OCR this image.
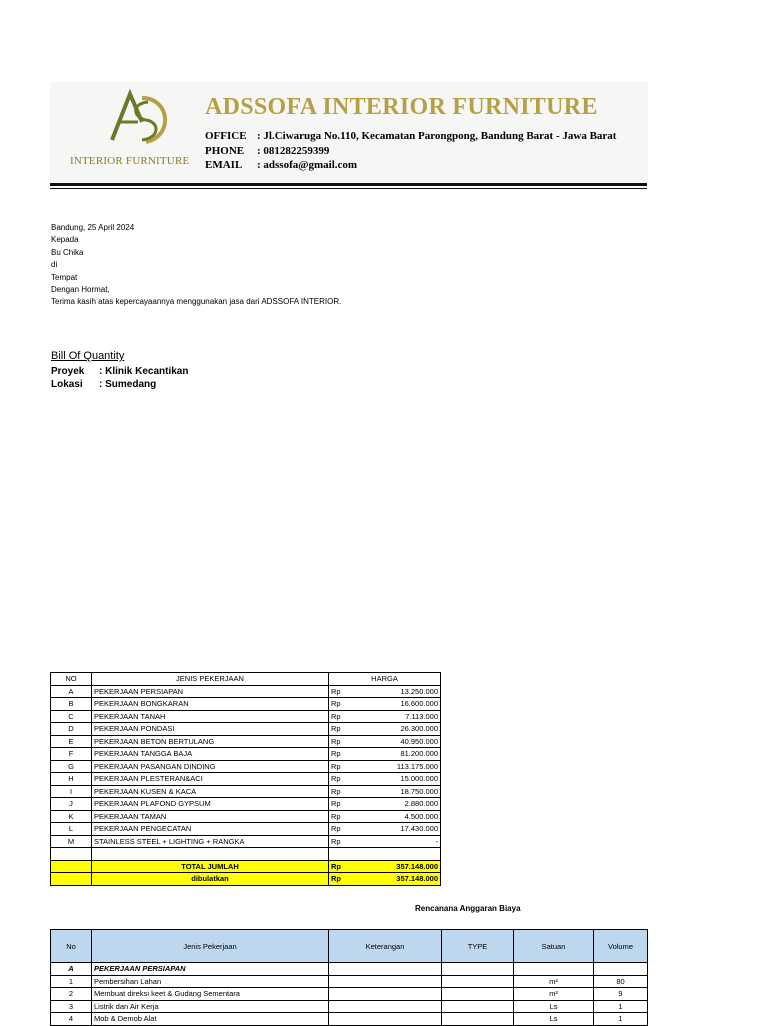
INTERIOR FURNITURE
ADSSOFA INTERIOR FURNITURE
OFFICE : Jl.Ciwaruga No.110, Kecamatan Parongpong, Bandung Barat - Jawa Barat
PHONE : 081282259399
EMAIL : adssofa@gmail.com
Bandung, 25 April 2024
Kepada
Bu Chika
di
Tempat
Dengan Hormat,
Terima kasih atas kepercayaannya menggunakan jasa dari ADSSOFA INTERIOR.
Bill Of Quantity
Proyek : Klinik Kecantikan
Lokasi : Sumedang
NO	JENIS PEKERJAAN	HARGA	
A	PEKERJAAN PERSIAPAN	Rp	13.250.000
B	PEKERJAAN BONGKARAN	Rp	16.600.000
C	PEKERJAAN TANAH	Rp	7.113.000
D	PEKERJAAN PONDASI	Rp	26.300.000
E	PEKERJAAN BETON BERTULANG	Rp	40.950.000
F	PEKERJAAN TANGGA BAJA	Rp	81.200.000
G	PEKERJAAN PASANGAN DINDING	Rp	113.175.000
H	PEKERJAAN PLESTERAN&ACI	Rp	15.000.000
I	PEKERJAAN KUSEN & KACA	Rp	18.750.000
J	PEKERJAAN PLAFOND GYPSUM	Rp	2.880.000
K	PEKERJAAN TAMAN	Rp	4.500.000
L	PEKERJAAN PENGECATAN	Rp	17.430.000
M	STAINLESS STEEL + LIGHTING + RANGKA	Rp	-

	TOTAL JUMLAH	Rp	357.148.000
	dibulatkan	Rp	357.148.000
Rencanana Anggaran Biaya
No	Jenis Pekerjaan	Keterangan	TYPE	Satuan	Volume
A	PEKERJAAN PERSIAPAN				
1	Pembersihan Lahan			m²	80
2	Membuat direksi keet & Gudang Sementara			m²	9
3	Listrik dan Air Kerja			Ls	1
4	Mob & Demob Alat			Ls	1
